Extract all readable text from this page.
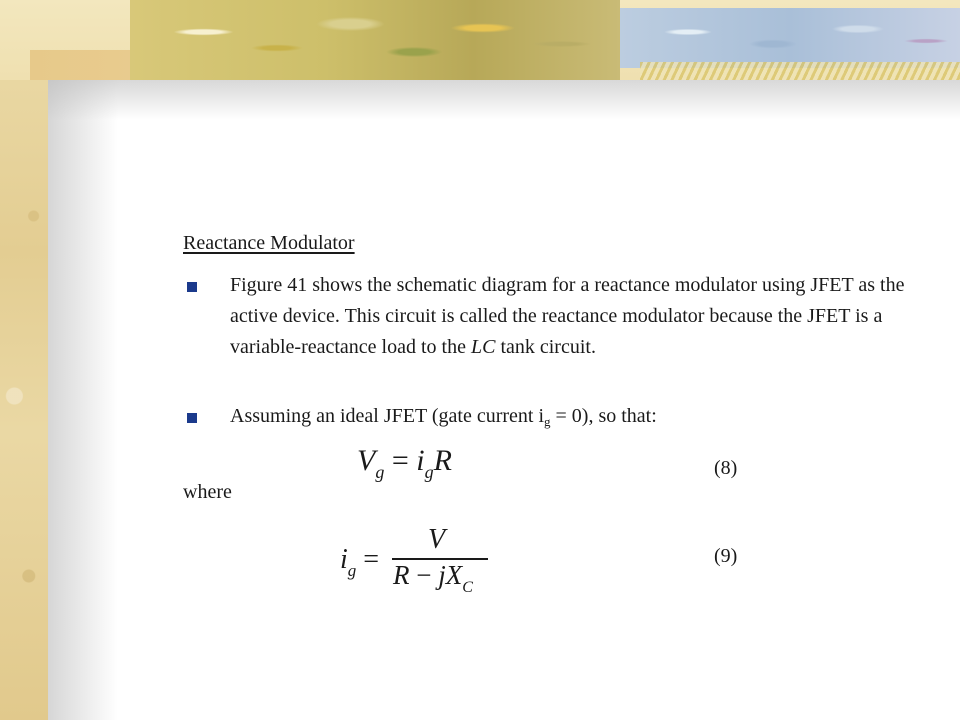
Reactance Modulator
Figure 41 shows the schematic diagram for a reactance modulator using JFET as the active device. This circuit is called the reactance modulator because the JFET is a variable-reactance load to the LC tank circuit.
Assuming an ideal JFET (gate current $i_g = 0$), so that:
$V_g = i_gR$	(8)
where
$i_g$ =
V
$R - jX_C$
(9)
